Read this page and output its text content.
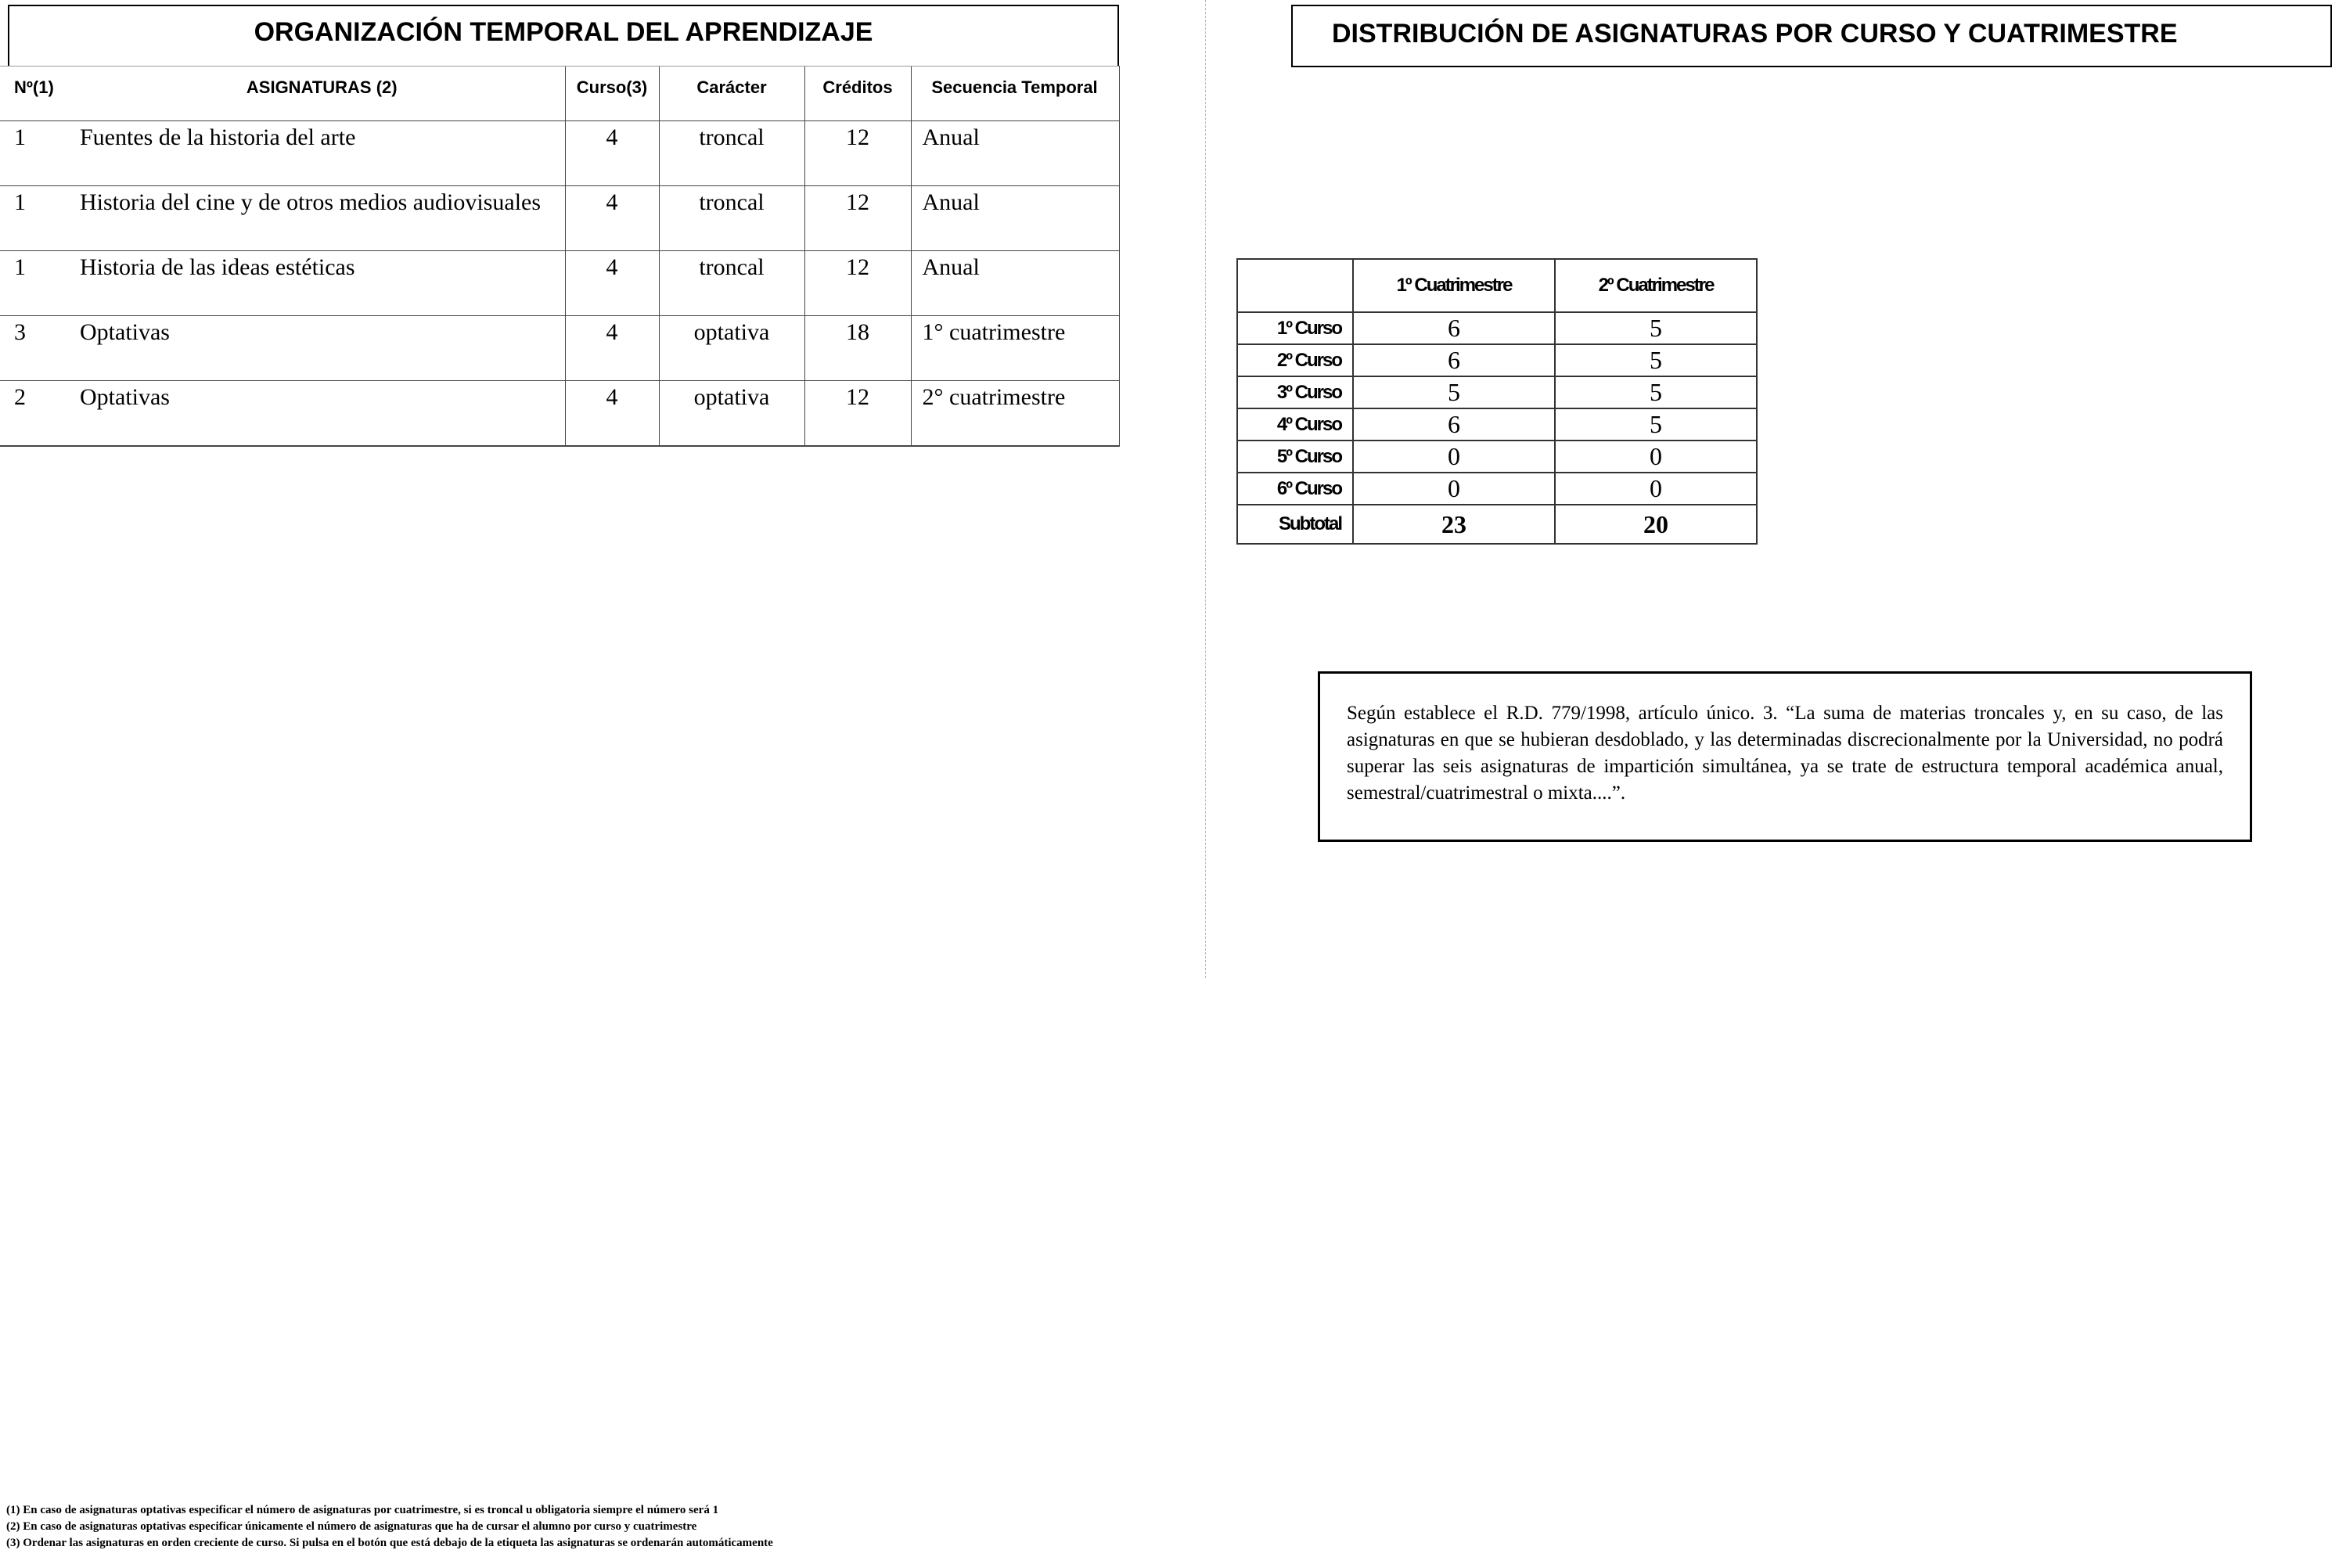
ORGANIZACIÓN TEMPORAL DEL APRENDIZAJE
Nº(1)	ASIGNATURAS (2)	Curso(3)	Carácter	Créditos	Secuencia Temporal
1	Fuentes de la historia del arte	4	troncal	12	Anual
1	Historia del cine y de otros medios audiovisuales	4	troncal	12	Anual
1	Historia de las ideas estéticas	4	troncal	12	Anual
3	Optativas	4	optativa	18	1° cuatrimestre
2	Optativas	4	optativa	12	2° cuatrimestre
DISTRIBUCIÓN DE ASIGNATURAS POR CURSO Y CUATRIMESTRE
	1º Cuatrimestre	2º Cuatrimestre
1º Curso	6	5
2º Curso	6	5
3º Curso	5	5
4º Curso	6	5
5º Curso	0	0
6º Curso	0	0
Subtotal	23	20
Según establece el R.D. 779/1998, artículo único. 3. “La suma de materias troncales y, en su caso, de las asignaturas en que se hubieran desdoblado, y las determinadas discrecionalmente por la Universidad, no podrá superar las seis asignaturas de impartición simultánea, ya se trate de estructura temporal académica anual, semestral/cuatrimestral o mixta....”.
(1) En caso de asignaturas optativas especificar el número de asignaturas por cuatrimestre, si es troncal u obligatoria siempre el número será 1
(2) En caso de asignaturas optativas especificar únicamente el número de asignaturas que ha de cursar el alumno por curso y cuatrimestre
(3) Ordenar las asignaturas en orden creciente de curso. Si pulsa en el botón que está debajo de la etiqueta las asignaturas se ordenarán automáticamente
